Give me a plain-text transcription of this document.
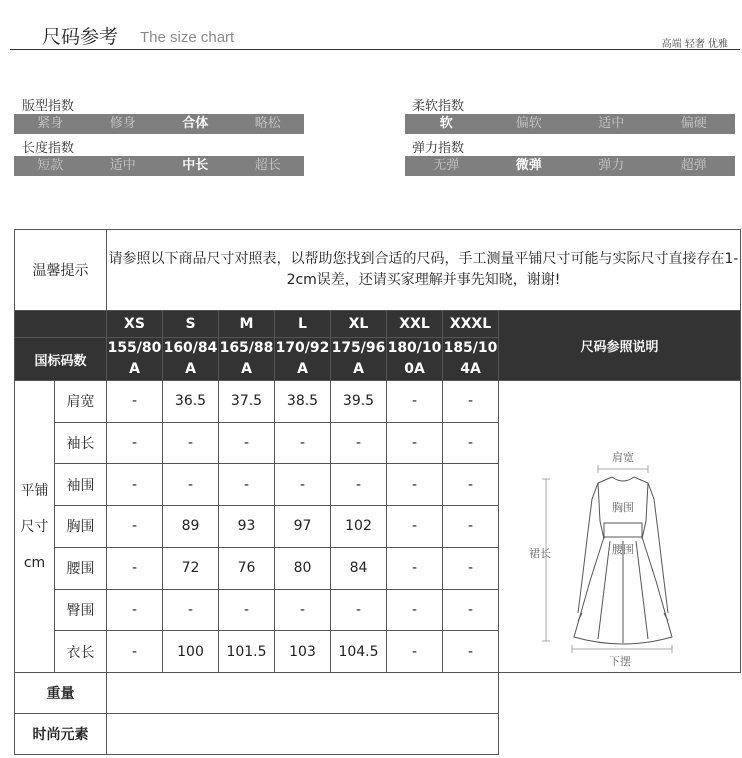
尺码参考 The size chart	高端 轻奢 优雅
版型指数
紧身	修身	合体	略松
长度指数
短款	适中	中长	超长
柔软指数
软	偏软	适中	偏硬
弹力指数
无弹	微弹	弹力	超弹
温馨提示		请参照以下商品尺寸对照表，以帮助您找到合适的尺码，手工测量平铺尺寸可能与实际尺寸直接存在1-2cm误差，还请买家理解并事先知晓，谢谢!							
		XS	S	M	L	XL	XXL	XXXL	尺码参照说明
国标码数		155/80A	160/84A	165/88A	170/92A	175/96A	180/100A	185/104A	
平铺
尺寸
cm	肩宽	-	36.5	37.5	38.5	39.5	-	-	肩宽
胸围
腰围
裙长
下摆

	袖长	-	-	-	-	-	-	-	
	袖围	-	-	-	-	-	-	-	
	胸围	-	89	93	97	102	-	-	
	腰围	-	72	76	80	84	-	-	
	臀围	-	-	-	-	-	-	-	
	衣长	-	100	101.5	103	104.5	-	-	
重量									
时尚元素									
